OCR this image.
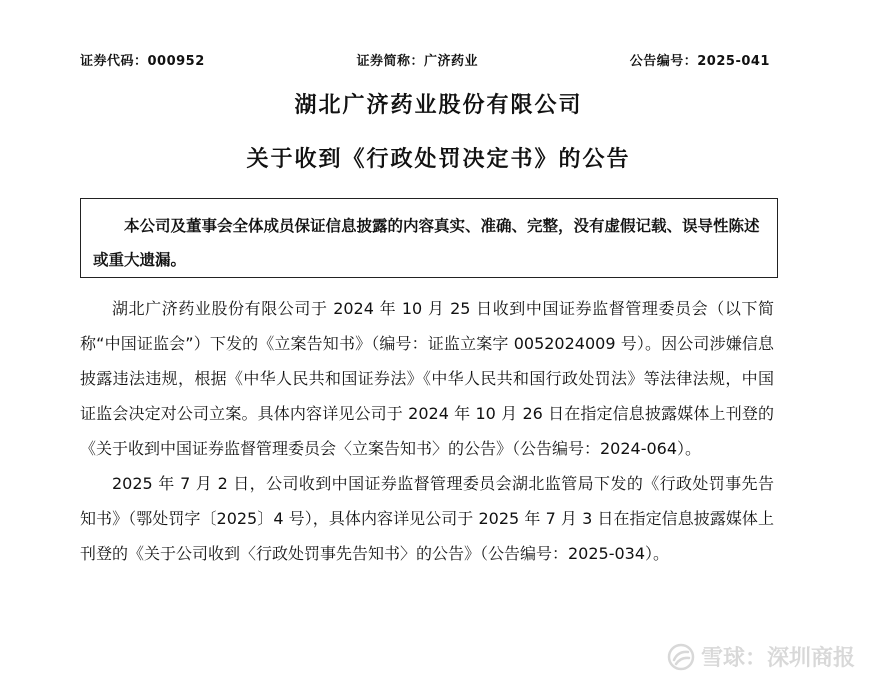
证券代码：000952	证券简称：广济药业	公告编号：2025-041
湖北广济药业股份有限公司
关于收到《行政处罚决定书》的公告
本公司及董事会全体成员保证信息披露的内容真实、准确、完整，没有虚假记载、误导性陈述或重大遗漏。

湖北广济药业股份有限公司于 2024 年 10 月 25 日收到中国证券监督管理委员会（以下简称“中国证监会”）下发的《立案告知书》（编号：证监立案字 0052024009 号）。因公司涉嫌信息披露违法违规，根据《中华人民共和国证券法》《中华人民共和国行政处罚法》等法律法规，中国证监会决定对公司立案。具体内容详见公司于 2024 年 10 月 26 日在指定信息披露媒体上刊登的《关于收到中国证券监督管理委员会〈立案告知书〉的公告》（公告编号：2024-064）。

2025 年 7 月 2 日，公司收到中国证券监督管理委员会湖北监管局下发的《行政处罚事先告知书》（鄂处罚字〔2025〕4 号），具体内容详见公司于 2025 年 7 月 3 日在指定信息披露媒体上刊登的《关于公司收到〈行政处罚事先告知书〉的公告》（公告编号：2025-034）。

雪球：深圳商报
